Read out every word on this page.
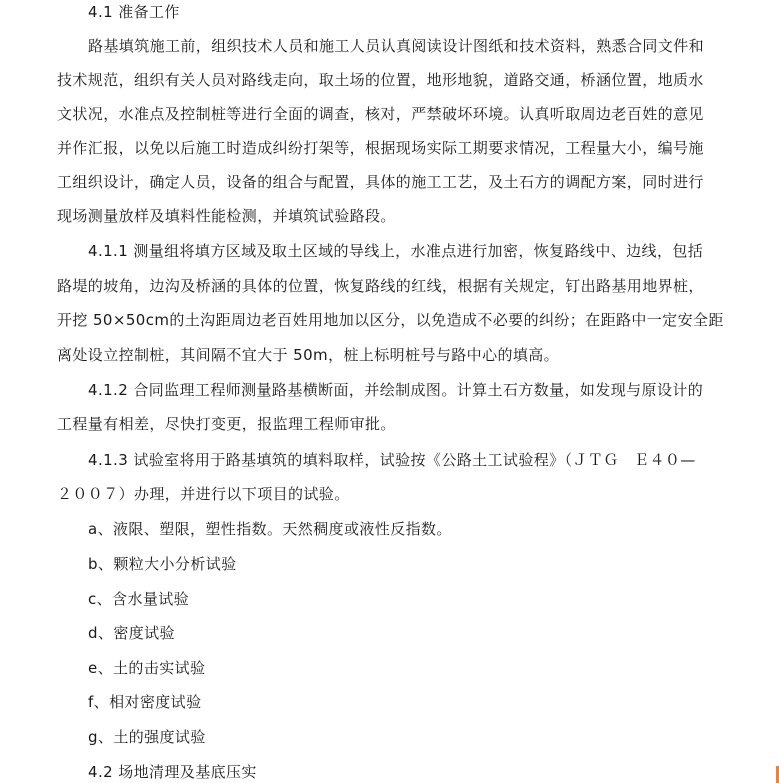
4.1 准备工作
路基填筑施工前，组织技术人员和施工人员认真阅读设计图纸和技术资料，熟悉合同文件和
技术规范，组织有关人员对路线走向，取土场的位置，地形地貌，道路交通，桥涵位置，地质水
文状况，水准点及控制桩等进行全面的调查，核对，严禁破坏环境。认真听取周边老百姓的意见
并作汇报，以免以后施工时造成纠纷打架等，根据现场实际工期要求情况，工程量大小，编号施
工组织设计，确定人员，设备的组合与配置，具体的施工工艺，及土石方的调配方案，同时进行
现场测量放样及填料性能检测，并填筑试验路段。
4.1.1 测量组将填方区域及取土区域的导线上，水准点进行加密，恢复路线中、边线，包括
路堤的坡角，边沟及桥涵的具体的位置，恢复路线的红线，根据有关规定，钉出路基用地界桩，
开挖 50×50cm的土沟距周边老百姓用地加以区分，以免造成不必要的纠纷；在距路中一定安全距
离处设立控制桩，其间隔不宜大于 50m，桩上标明桩号与路中心的填高。
4.1.2 合同监理工程师测量路基横断面，并绘制成图。计算土石方数量，如发现与原设计的
工程量有相差，尽快打变更，报监理工程师审批。
4.1.3 试验室将用于路基填筑的填料取样，试验按《公路土工试验程》（ＪＴＧ　Ｅ４０—
２００７）办理，并进行以下项目的试验。
a、液限、塑限，塑性指数。天然稠度或液性反指数。
b、颗粒大小分析试验
c、含水量试验
d、密度试验
e、土的击实试验
f、相对密度试验
g、土的强度试验
4.2 场地清理及基底压实
